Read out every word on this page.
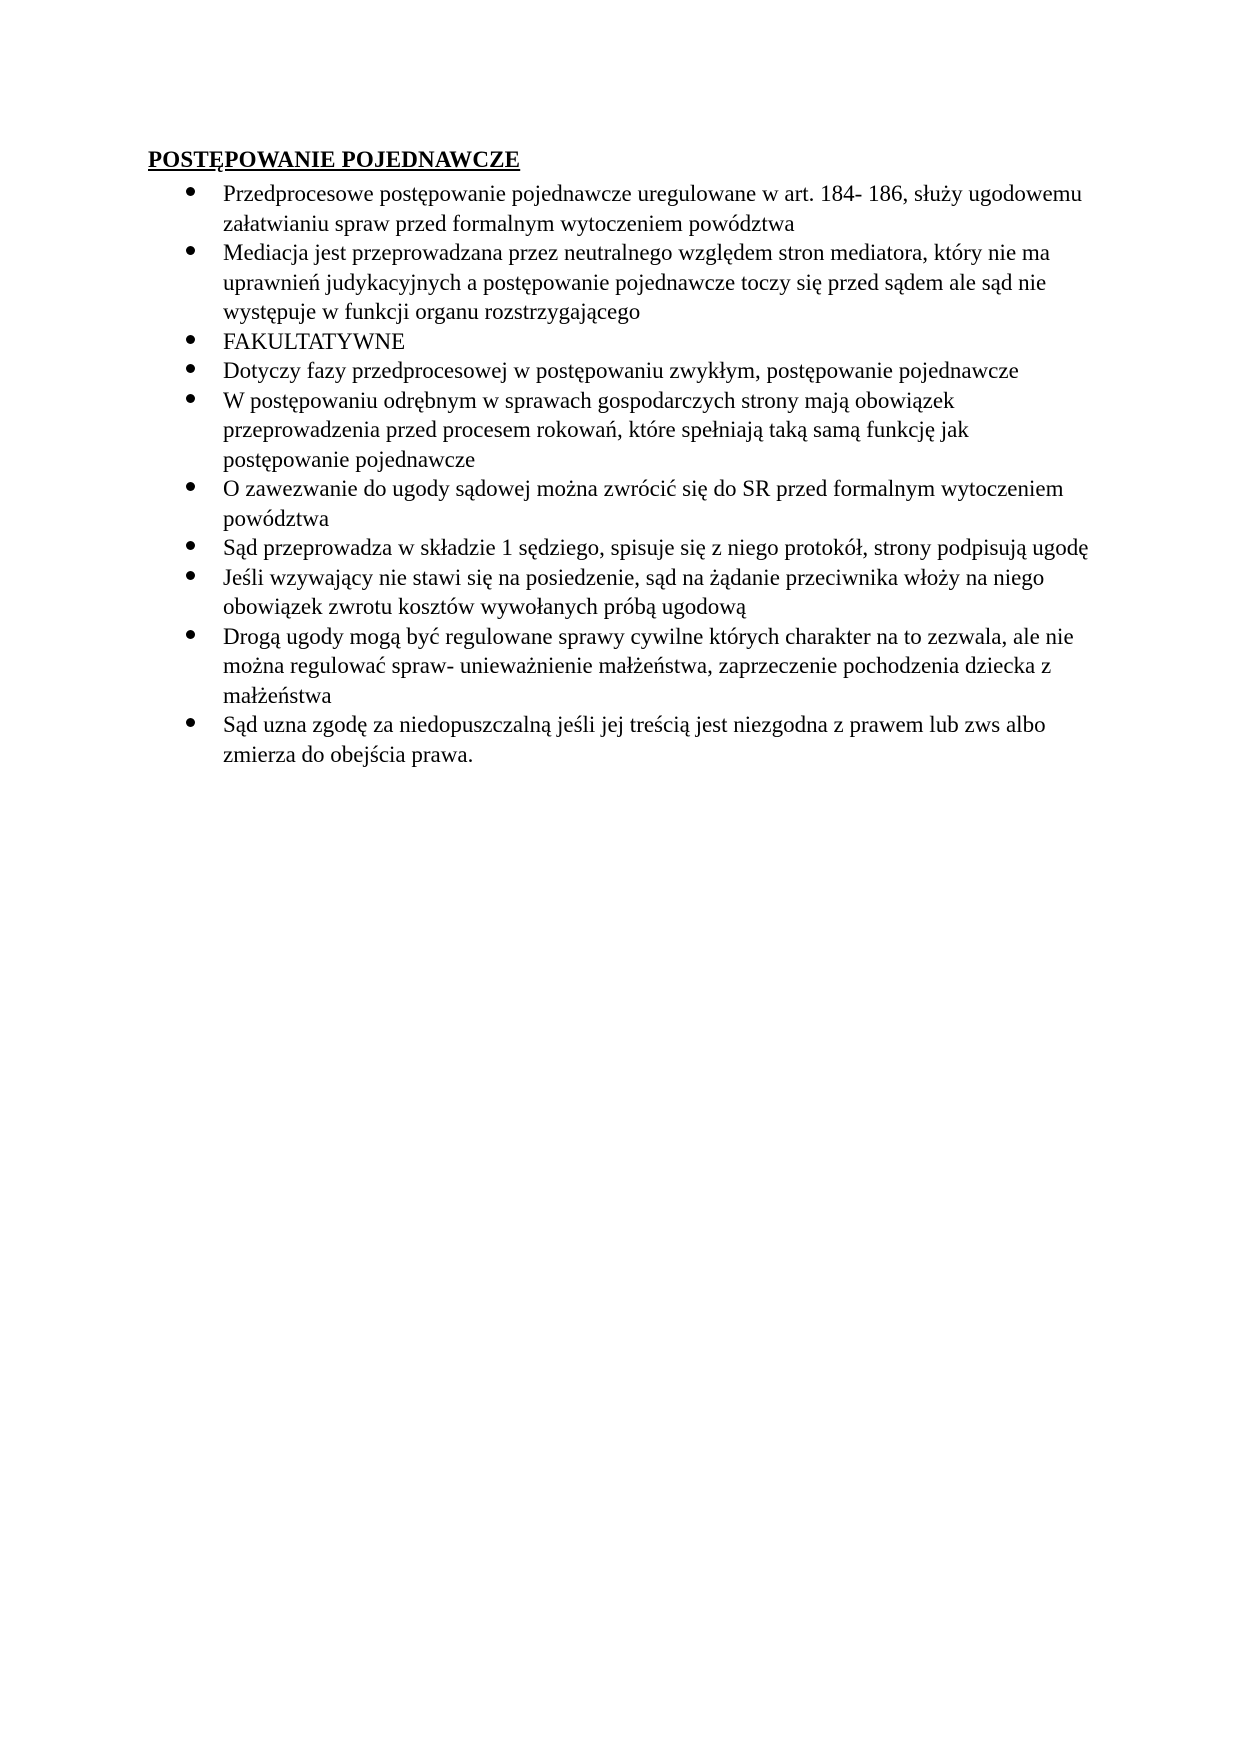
POSTĘPOWANIE POJEDNAWCZE
Przedprocesowe postępowanie pojednawcze uregulowane w art. 184- 186, służy ugodowemu załatwianiu spraw przed formalnym wytoczeniem powództwa
Mediacja jest przeprowadzana przez neutralnego względem stron mediatora, który nie ma uprawnień judykacyjnych a postępowanie pojednawcze toczy się przed sądem ale sąd nie występuje w funkcji organu rozstrzygającego
FAKULTATYWNE
Dotyczy fazy przedprocesowej w postępowaniu zwykłym, postępowanie pojednawcze
W postępowaniu odrębnym w sprawach gospodarczych strony mają obowiązek przeprowadzenia przed procesem rokowań, które spełniają taką samą funkcję jak postępowanie pojednawcze
O zawezwanie do ugody sądowej można zwrócić się do SR przed formalnym wytoczeniem powództwa
Sąd przeprowadza w składzie 1 sędziego, spisuje się z niego protokół, strony podpisują ugodę
Jeśli wzywający nie stawi się na posiedzenie, sąd na żądanie przeciwnika włoży na niego obowiązek zwrotu kosztów wywołanych próbą ugodową
Drogą ugody mogą być regulowane sprawy cywilne których charakter na to zezwala, ale nie można regulować spraw- unieważnienie małżeństwa, zaprzeczenie pochodzenia dziecka z małżeństwa
Sąd uzna zgodę za niedopuszczalną jeśli jej treścią jest niezgodna z prawem lub zws albo zmierza do obejścia prawa.
